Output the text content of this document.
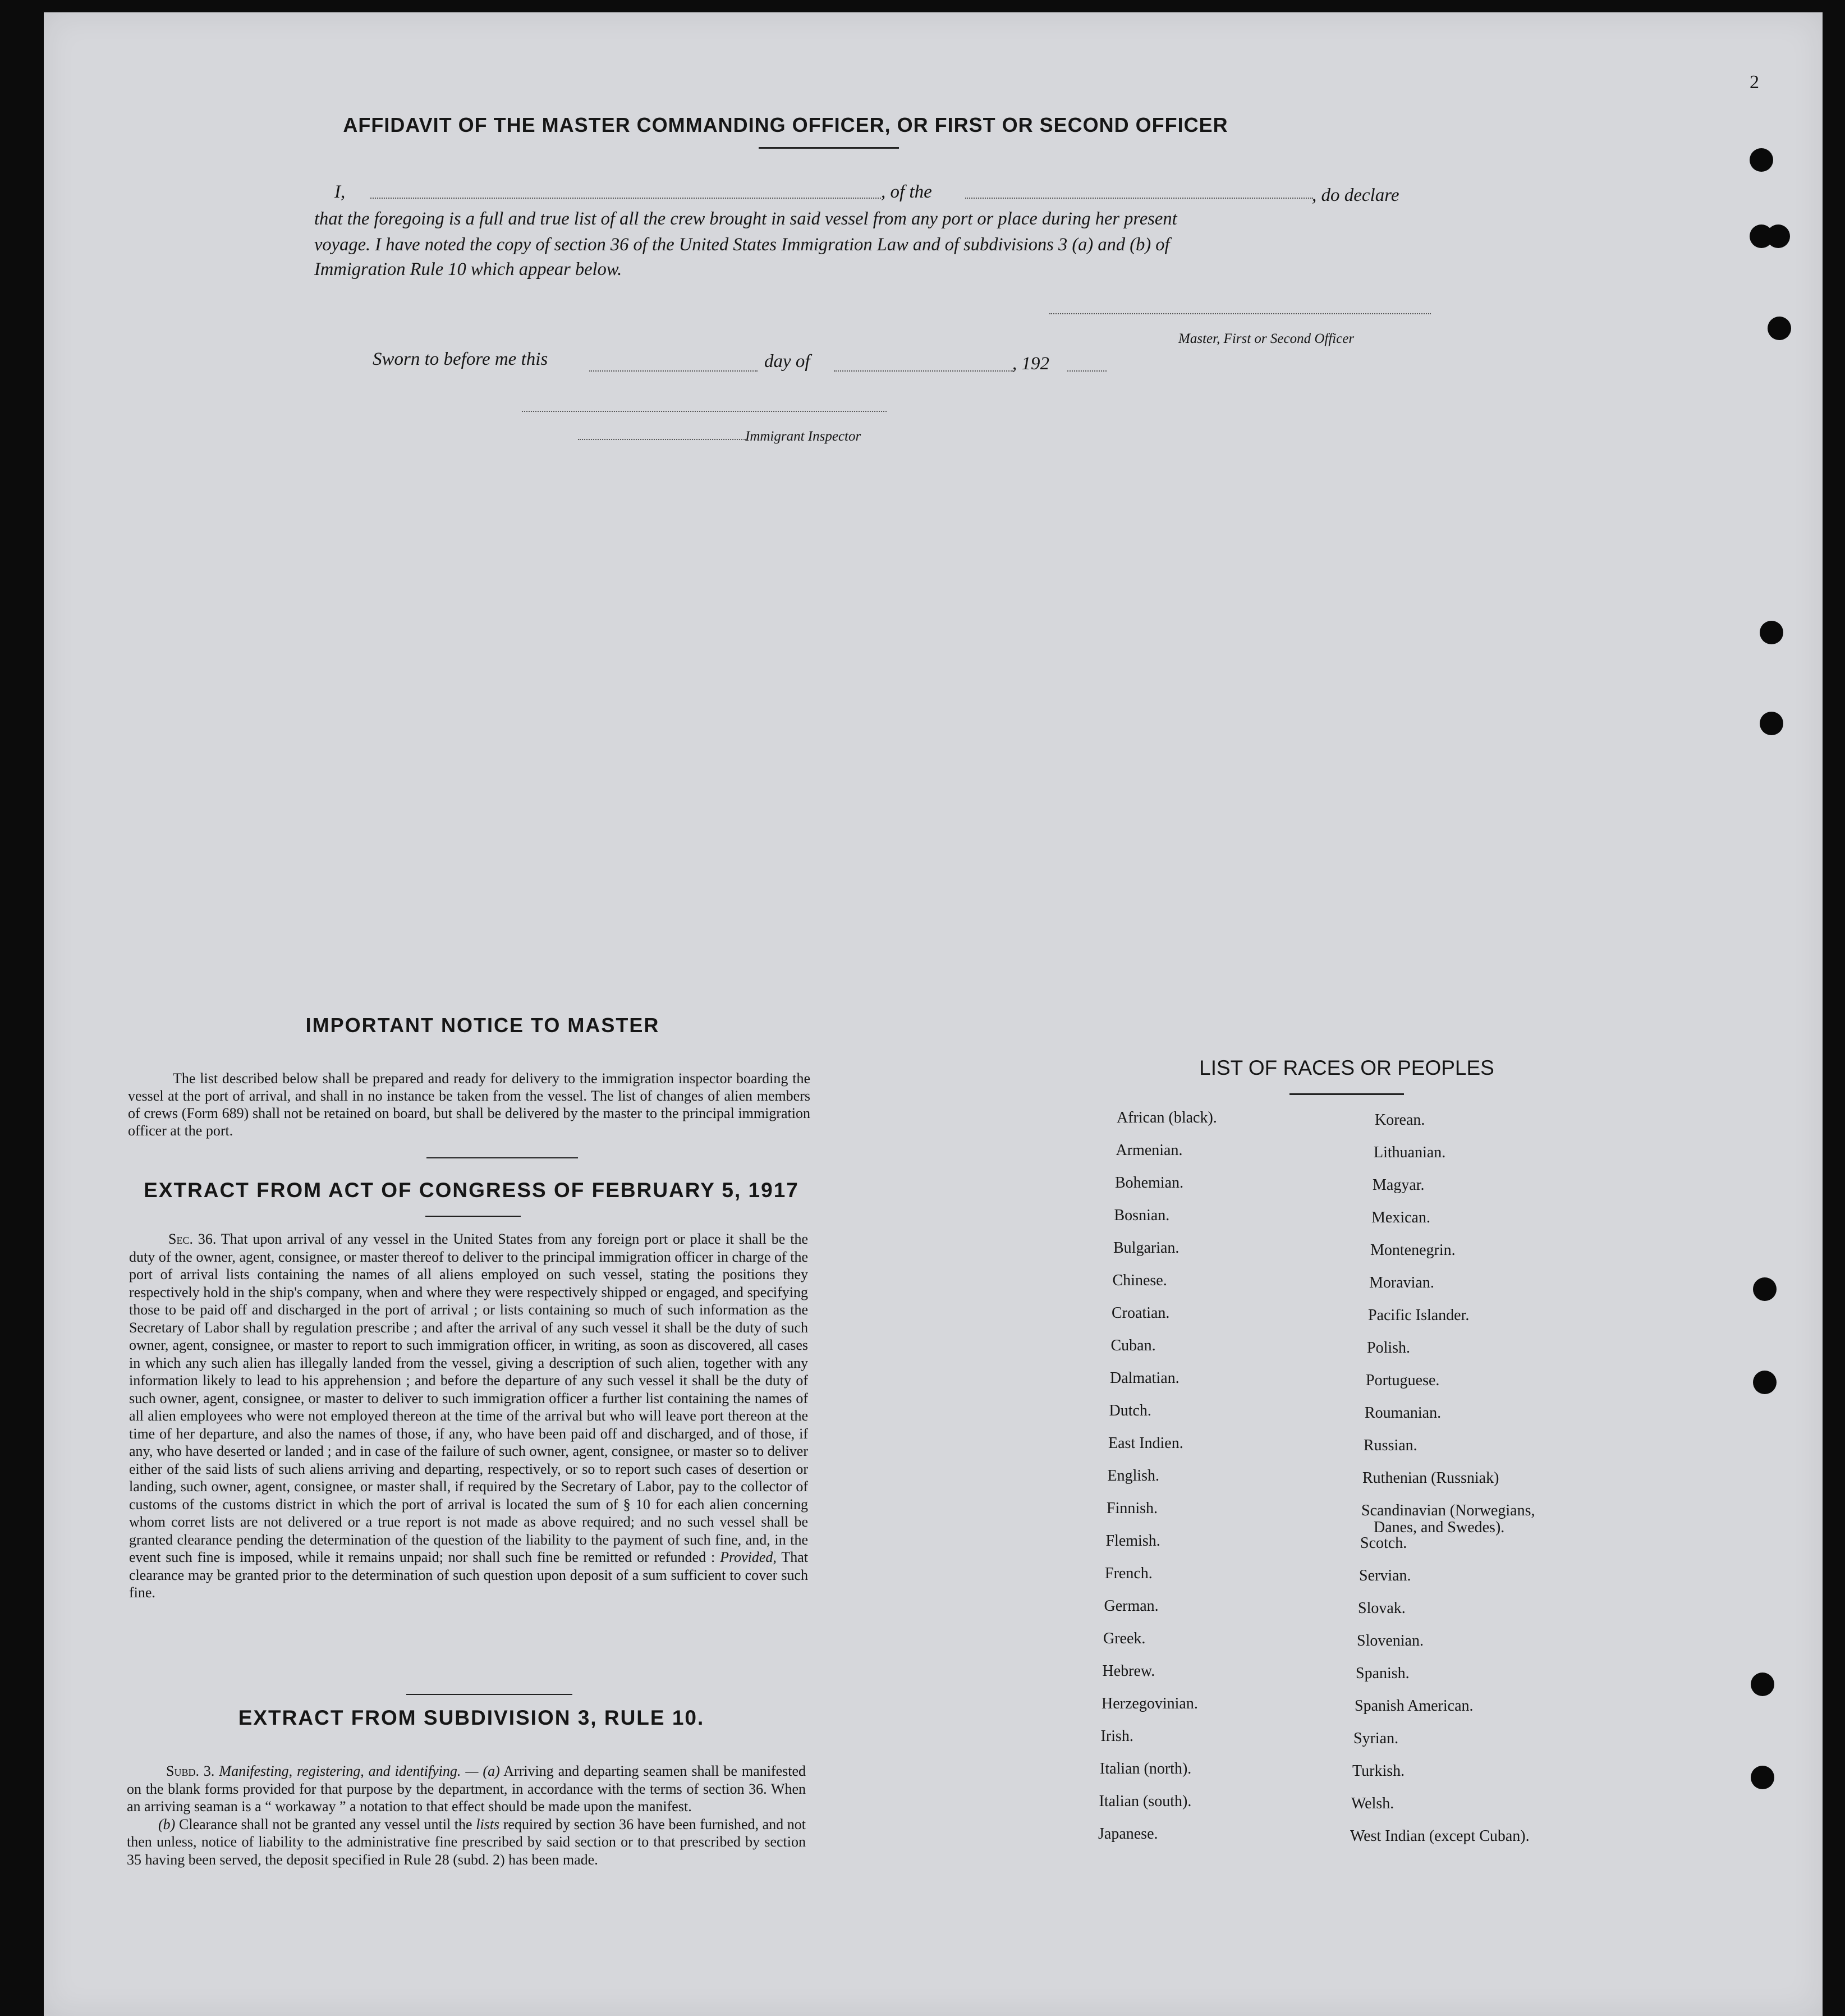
2
AFFIDAVIT OF THE MASTER COMMANDING OFFICER, OR FIRST OR SECOND OFFICER
I,	, of the	, do declare
that the foregoing is a full and true list of all the crew brought in said vessel from any port or place during her present
voyage. I have noted the copy of section 36 of the United States Immigration Law and of subdivisions 3 (a) and (b) of
Immigration Rule 10 which appear below.
Master, First or Second Officer
Sworn to before me this	day of	, 192
Immigrant Inspector
IMPORTANT NOTICE TO MASTER
The list described below shall be prepared and ready for delivery to the immigration inspector boarding the vessel at the port of arrival, and shall in no instance be taken from the vessel. The list of changes of alien members of crews (Form 689) shall not be retained on board, but shall be delivered by the master to the principal immigration officer at the port.
EXTRACT FROM ACT OF CONGRESS OF FEBRUARY 5, 1917

Sec. 36. That upon arrival of any vessel in the United States from any foreign port or place it shall be the duty of the owner, agent, consignee, or master thereof to deliver to the principal immigration officer in charge of the port of arrival lists containing the names of all aliens employed on such vessel, stating the positions they respectively hold in the ship's company, when and where they were respectively shipped or engaged, and specifying those to be paid off and discharged in the port of arrival ; or lists containing so much of such information as the Secretary of Labor shall by regulation prescribe ; and after the arrival of any such vessel it shall be the duty of such owner, agent, consignee, or master to report to such immigration officer, in writing, as soon as discovered, all cases in which any such alien has illegally landed from the vessel, giving a description of such alien, together with any information likely to lead to his apprehension ; and before the departure of any such vessel it shall be the duty of such owner, agent, consignee, or master to deliver to such immigration officer a further list containing the names of all alien employees who were not employed thereon at the time of the arrival but who will leave port thereon at the time of her departure, and also the names of those, if any, who have been paid off and discharged, and of those, if any, who have deserted or landed ; and in case of the failure of such owner, agent, consignee, or master so to deliver either of the said lists of such aliens arriving and departing, respectively, or so to report such cases of desertion or landing, such owner, agent, consignee, or master shall, if required by the Secretary of Labor, pay to the collector of customs of the customs district in which the port of arrival is located the sum of § 10 for each alien concerning whom corret lists are not delivered or a true report is not made as above required; and no such vessel shall be granted clearance pending the determination of the question of the liability to the payment of such fine, and, in the event such fine is imposed, while it remains unpaid; nor shall such fine be remitted or refunded : Provided, That clearance may be granted prior to the determination of such question upon deposit of a sum sufficient to cover such fine.

EXTRACT FROM SUBDIVISION 3, RULE 10.

Subd. 3. Manifesting, registering, and identifying. — (a) Arriving and departing seamen shall be manifested on the blank forms provided for that purpose by the department, in accordance with the terms of section 36. When an arriving seaman is a “ workaway ” a notation to that effect should be made upon the manifest.

(b) Clearance shall not be granted any vessel until the lists required by section 36 have been furnished, and not then unless, notice of liability to the administrative fine prescribed by said section or to that prescribed by section 35 having been served, the deposit specified in Rule 28 (subd. 2) has been made.

LIST OF RACES OR PEOPLES
African (black).
Armenian.
Bohemian.
Bosnian.
Bulgarian.
Chinese.
Croatian.
Cuban.
Dalmatian.
Dutch.
East Indien.
English.
Finnish.
Flemish.
French.
German.
Greek.
Hebrew.
Herzegovinian.
Irish.
Italian (north).
Italian (south).
Japanese.
Korean.
Lithuanian.
Magyar.
Mexican.
Montenegrin.
Moravian.
Pacific Islander.
Polish.
Portuguese.
Roumanian.
Russian.
Ruthenian (Russniak)
Scandinavian (Norwegians,
Danes, and Swedes).
Scotch.
Servian.
Slovak.
Slovenian.
Spanish.
Spanish American.
Syrian.
Turkish.
Welsh.
West Indian (except Cuban).
